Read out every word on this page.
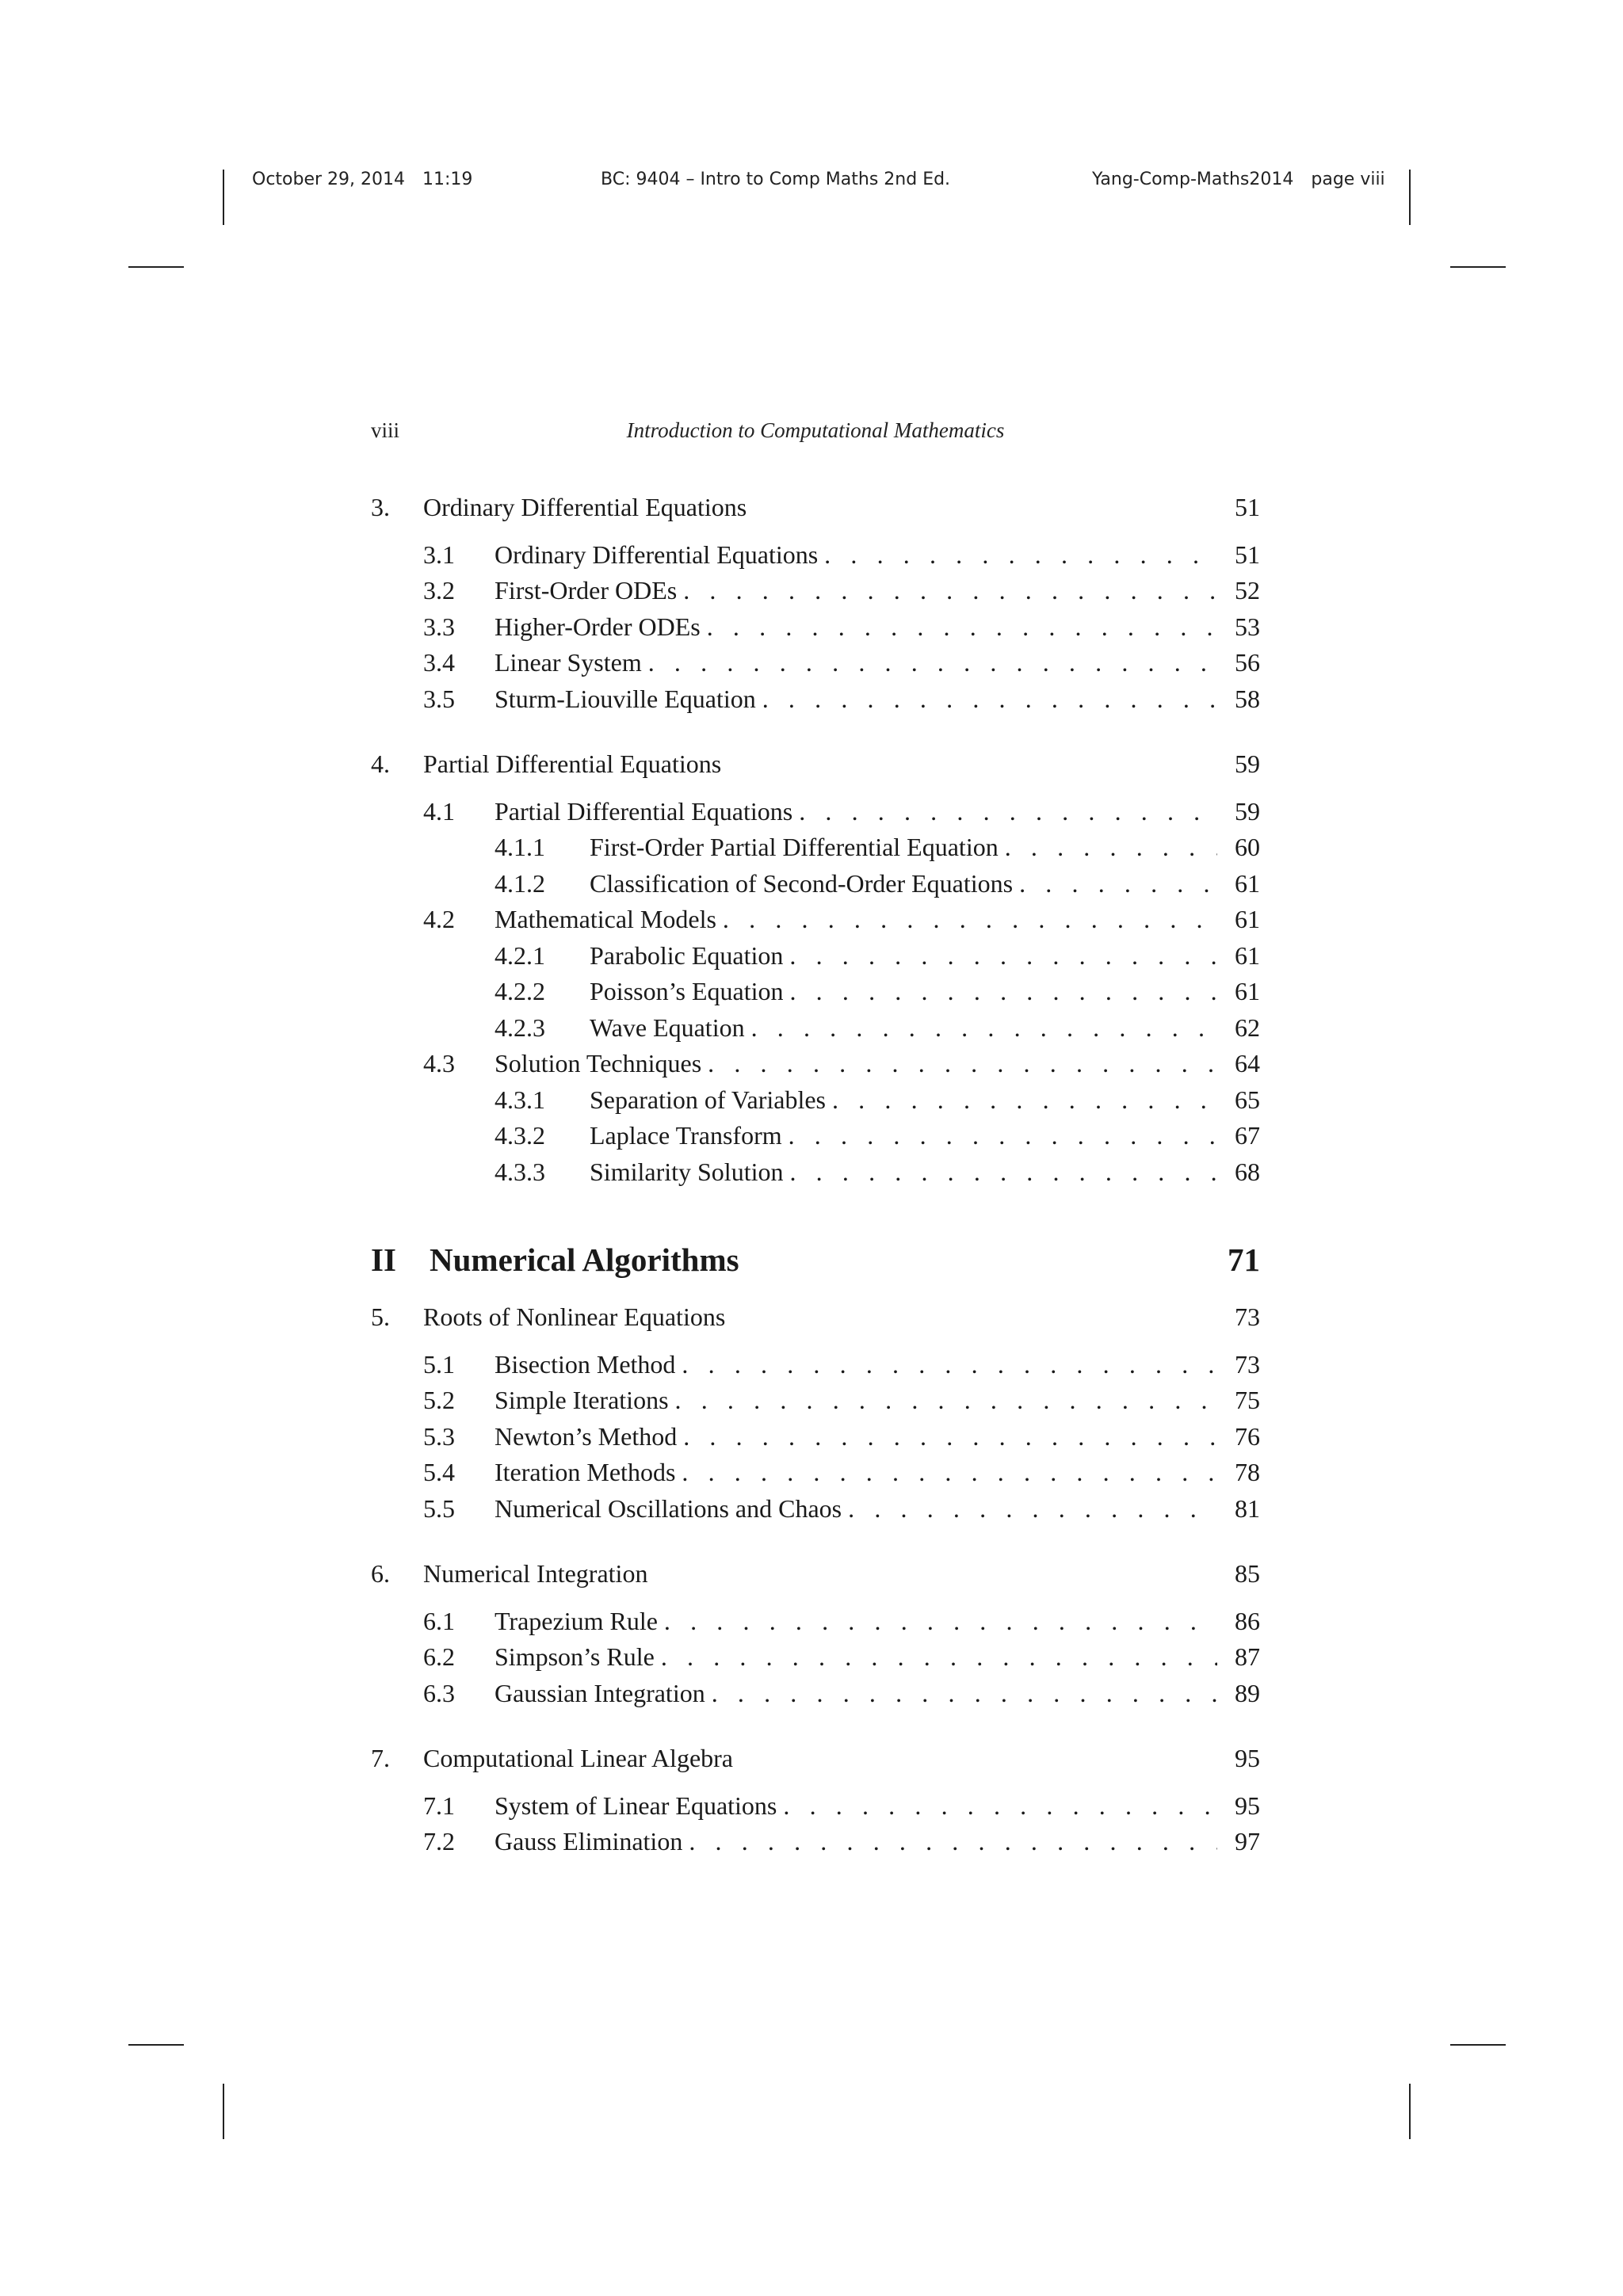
October 29, 2014 11:19	BC: 9404 – Intro to Comp Maths 2nd Ed.	Yang-Comp-Maths2014 page viii
viii	Introduction to Computational Mathematics
3.	Ordinary Differential Equations	51
3.1	Ordinary Differential Equations . . .	51
3.2	First-Order ODEs . . .	52
3.3	Higher-Order ODEs . . .	53
3.4	Linear System . . .	56
3.5	Sturm-Liouville Equation . . .	58
4.	Partial Differential Equations	59
4.1	Partial Differential Equations . . .	59
4.1.1	First-Order Partial Differential Equation . . .	60
4.1.2	Classification of Second-Order Equations . . .	61
4.2	Mathematical Models . . .	61
4.2.1	Parabolic Equation . . .	61
4.2.2	Poisson’s Equation . . .	61
4.2.3	Wave Equation . . .	62
4.3	Solution Techniques . . .	64
4.3.1	Separation of Variables . . .	65
4.3.2	Laplace Transform . . .	67
4.3.3	Similarity Solution . . .	68
II	Numerical Algorithms	71
5.	Roots of Nonlinear Equations	73
5.1	Bisection Method . . .	73
5.2	Simple Iterations . . .	75
5.3	Newton’s Method . . .	76
5.4	Iteration Methods . . .	78
5.5	Numerical Oscillations and Chaos . . .	81
6.	Numerical Integration	85
6.1	Trapezium Rule . . .	86
6.2	Simpson’s Rule . . .	87
6.3	Gaussian Integration . . .	89
7.	Computational Linear Algebra	95
7.1	System of Linear Equations . . .	95
7.2	Gauss Elimination . . .	97
